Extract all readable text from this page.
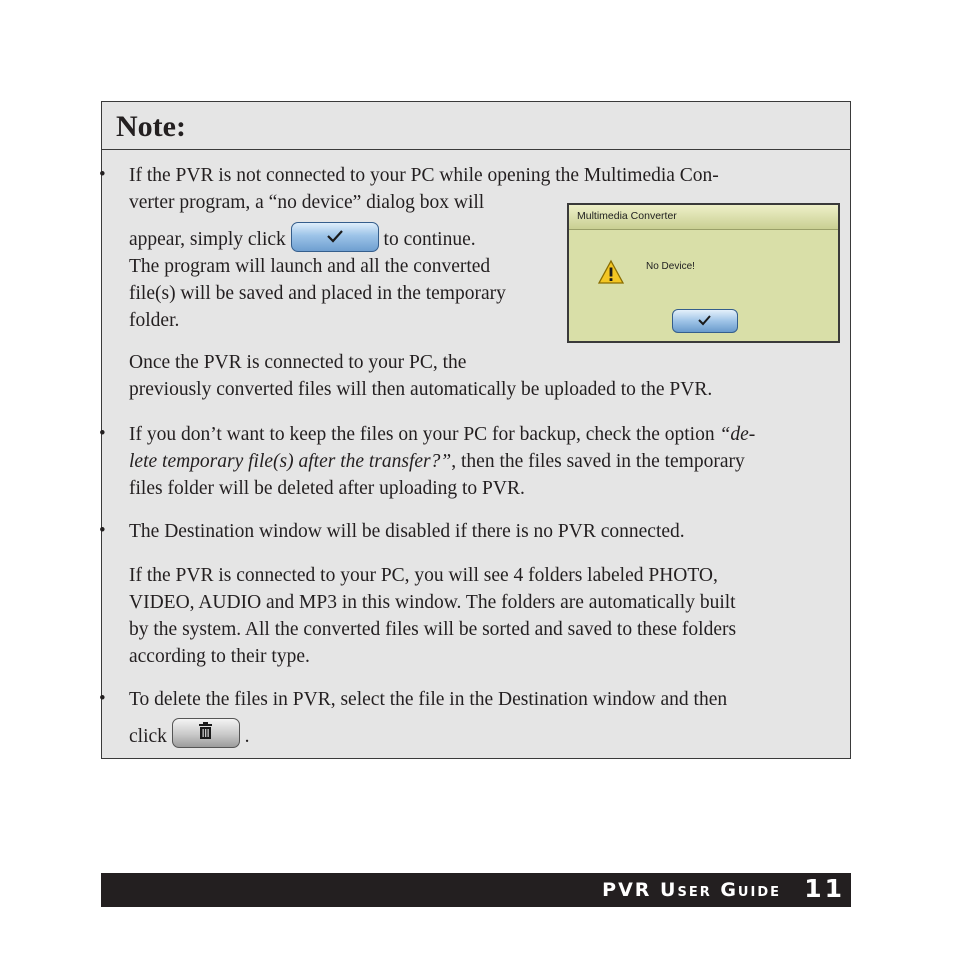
Note:
• If the PVR is not connected to your PC while opening the Multimedia Con-
verter program, a “no device” dialog box will
appear, simply click	to continue.
The program will launch and all the converted
file(s) will be saved and placed in the temporary
folder.
Once the PVR is connected to your PC, the
previously converted files will then automatically be uploaded to the PVR.
Multimedia Converter
No Device!
• If you don’t want to keep the files on your PC for backup, check the option “de-
lete temporary file(s) after the transfer?”, then the files saved in the temporary
files folder will be deleted after uploading to PVR.
• The Destination window will be disabled if there is no PVR connected.
If the PVR is connected to your PC, you will see 4 folders labeled PHOTO,
VIDEO, AUDIO and MP3 in this window. The folders are automatically built
by the system. All the converted files will be sorted and saved to these folders
according to their type.
• To delete the files in PVR, select the file in the Destination window and then
click	.
PVR User Guide 11
